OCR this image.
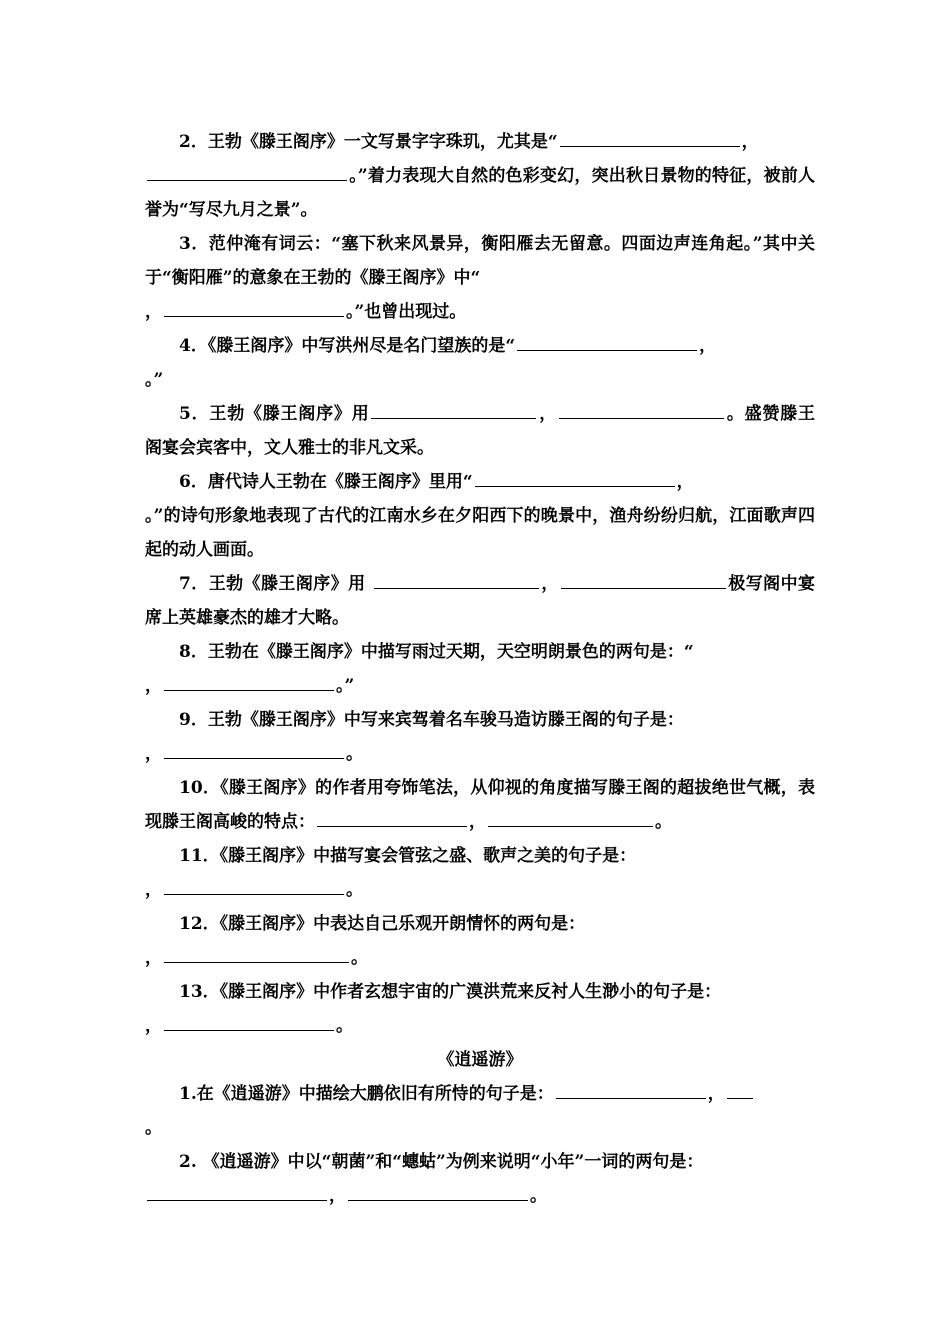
2．王勃《滕王阁序》一文写景字字珠玑，尤其是“	，
。”着力表现大自然的色彩变幻，突出秋日景物的特征，被前人誉为“写尽九月之景”。

3．范仲淹有词云：“塞下秋来风景异，衡阳雁去无留意。四面边声连角起。”其中关于“衡阳雁”的意象在王勃的《滕王阁序》中“
，	。”也曾出现过。

4．《滕王阁序》中写洪州尽是名门望族的是“	，
。”

5．王勃《滕王阁序》用	，	。盛赞滕王阁宴会宾客中，文人雅士的非凡文采。

6．唐代诗人王勃在《滕王阁序》里用“	，
。”的诗句形象地表现了古代的江南水乡在夕阳西下的晚景中，渔舟纷纷归航，江面歌声四起的动人画面。

7．王勃《滕王阁序》用	，	极写阁中宴席上英雄豪杰的雄才大略。

8．王勃在《滕王阁序》中描写雨过天期，天空明朗景色的两句是：“
，	。”

9．王勃《滕王阁序》中写来宾驾着名车骏马造访滕王阁的句子是：
，	。

10．《滕王阁序》的作者用夸饰笔法，从仰视的角度描写滕王阁的超拔绝世气概，表现滕王阁高峻的特点：	，	。

11．《滕王阁序》中描写宴会管弦之盛、歌声之美的句子是：
，	。

12．《滕王阁序》中表达自己乐观开朗情怀的两句是：
，	。

13．《滕王阁序》中作者玄想宇宙的广漠洪荒来反衬人生渺小的句子是：
，	。

《逍遥游》

1.在《逍遥游》中描绘大鹏依旧有所恃的句子是：	，
。

2. 《逍遥游》中以“朝菌”和“蟪蛄”为例来说明“小年”一词的两句是：
，	。
